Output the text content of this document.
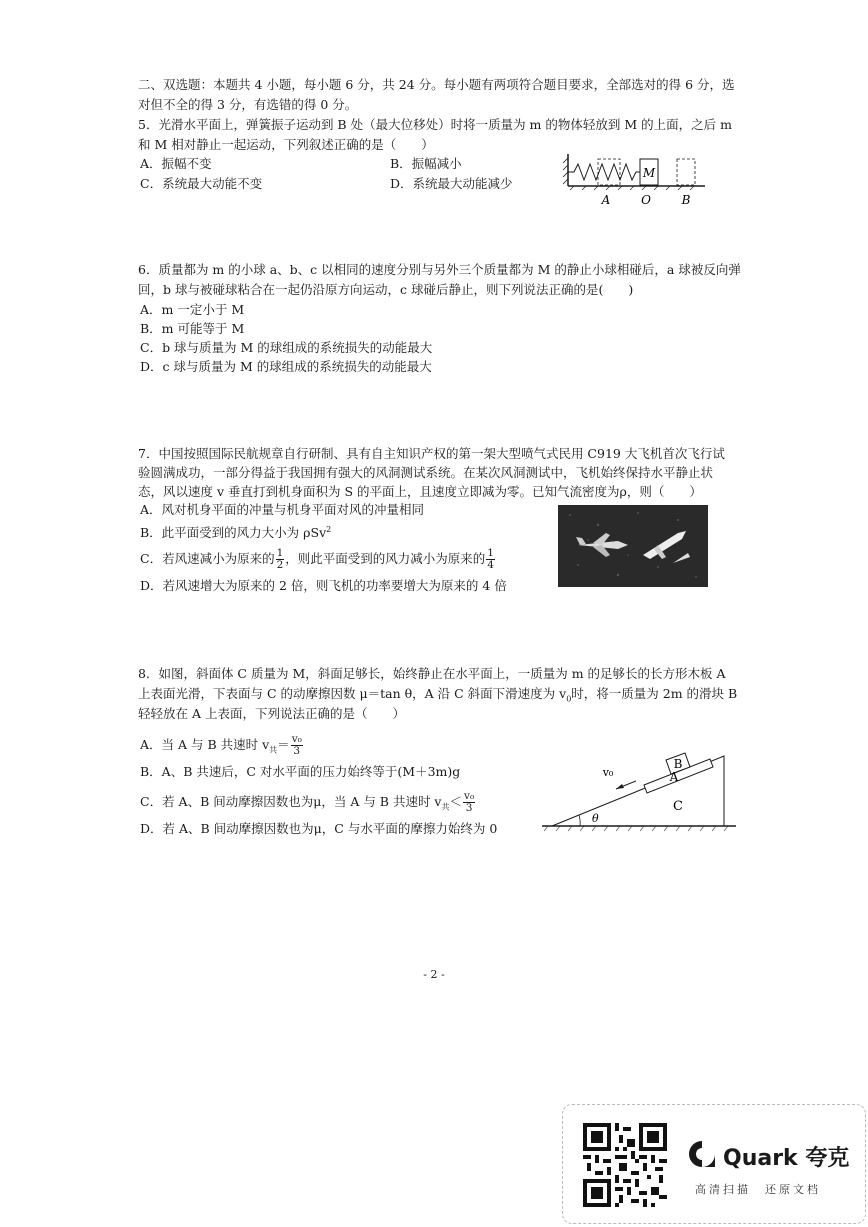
二、双选题：本题共 4 小题，每小题 6 分，共 24 分。每小题有两项符合题目要求，全部选对的得 6 分，选
对但不全的得 3 分，有选错的得 0 分。
5．光滑水平面上，弹簧振子运动到 B 处（最大位移处）时将一质量为 m 的物体轻放到 M 的上面，之后 m
和 M 相对静止一起运动，下列叙述正确的是（　　）
A．振幅不变	B．振幅减小
C．系统最大动能不变	D．系统最大动能减少
M
A	O	B
6．质量都为 m 的小球 a、b、c 以相同的速度分别与另外三个质量都为 M 的静止小球相碰后，a 球被反向弹
回，b 球与被碰球粘合在一起仍沿原方向运动，c 球碰后静止，则下列说法正确的是(　　)
A．m 一定小于 M
B．m 可能等于 M
C．b 球与质量为 M 的球组成的系统损失的动能最大
D．c 球与质量为 M 的球组成的系统损失的动能最大
7．中国按照国际民航规章自行研制、具有自主知识产权的第一架大型喷气式民用 C919 大飞机首次飞行试
验圆满成功，一部分得益于我国拥有强大的风洞测试系统。在某次风洞测试中，飞机始终保持水平静止状
态，风以速度 v 垂直打到机身面积为 S 的平面上，且速度立即减为零。已知气流密度为ρ，则（　　）
A．风对机身平面的冲量与机身平面对风的冲量相同
B．此平面受到的风力大小为 ρSv$^2$
C．若风速减小为原来的 $\frac{1}{2}$ ，则此平面受到的风力减小为原来的 $\frac{1}{4}$
D．若风速增大为原来的 2 倍，则飞机的功率要增大为原来的 4 倍
8．如图，斜面体 C 质量为 M，斜面足够长，始终静止在水平面上，一质量为 m 的足够长的长方形木板 A
上表面光滑，下表面与 C 的动摩擦因数 μ＝tan θ，A 沿 C 斜面下滑速度为 $v_0$时，将一质量为 2m 的滑块 B
轻轻放在 A 上表面，下列说法正确的是（　　）
A．当 A 与 B 共速时 $v_共= \frac{\text{v₀}}{3}$
B．A、B 共速后，C 对水平面的压力始终等于(M＋3m)g
C．若 A、B 间动摩擦因数也为μ，当 A 与 B 共速时 $v_共< \frac{\text{v₀}}{3}$
D．若 A、B 间动摩擦因数也为μ，C 与水平面的摩擦力始终为 0
B
A
C
v₀
θ
- 2 -
Quark 夸克
高清扫描　还原文档
